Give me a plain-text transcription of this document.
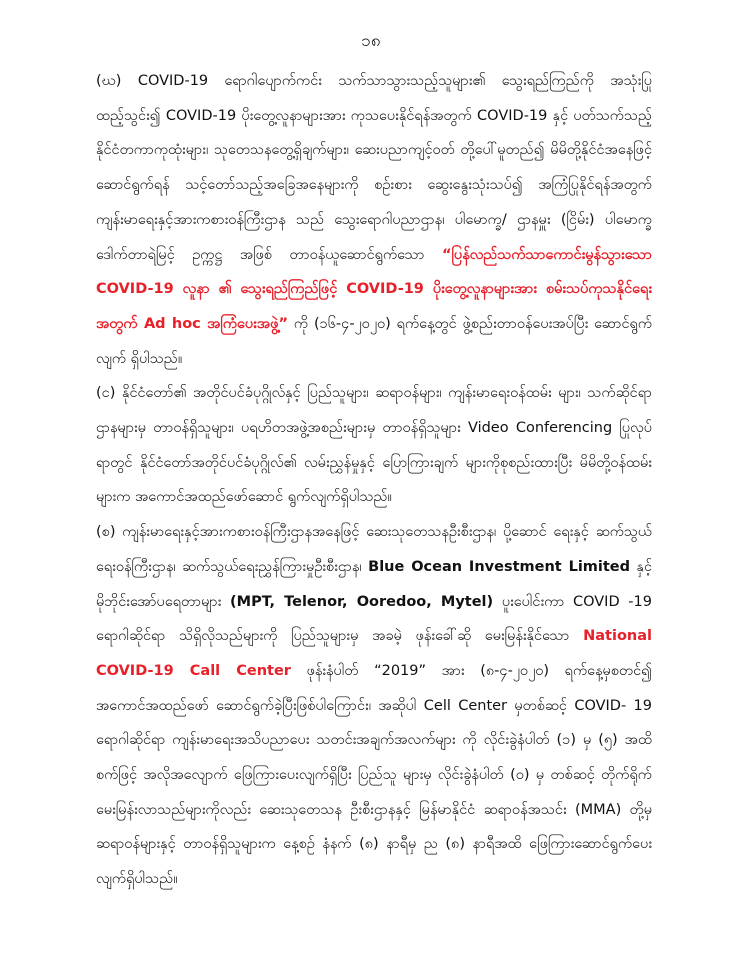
၁၈

(ဃ) COVID-19 ရောဂါပျောက်ကင်း သက်သာသွားသည့်သူများ၏ သွေးရည်ကြည်ကို အသုံးပြု ထည့်သွင်း၍ COVID-19 ပိုးတွေ့လူနာများအား ကုသပေးနိုင်ရန်အတွက် COVID-19 နှင့် ပတ်သက်သည့် နိုင်ငံတကာကုထုံးများ၊ သုတေသနတွေ့ရှိချက်များ၊ ဆေးပညာကျင့်ဝတ် တို့ပေါ်မူတည်၍ မိမိတို့နိုင်ငံအနေဖြင့် ဆောင်ရွက်ရန် သင့်တော်သည့်အခြေအနေများကို စဉ်းစား ဆွေးနွေးသုံးသပ်၍ အကြံပြုနိုင်ရန်အတွက် ကျန်းမာရေးနှင့်အားကစားဝန်ကြီးဌာန သည် သွေးရောဂါပညာဌာန၊ ပါမောက္ခ/ ဌာနမှူး (ငြိမ်း) ပါမောက္ခဒေါက်တာရဲမြင့် ဥက္ကဋ္ဌ အဖြစ် တာဝန်ယူဆောင်ရွက်သော “ပြန်လည်သက်သာကောင်းမွန်သွားသော COVID-19 လူနာ ၏ သွေးရည်ကြည်ဖြင့် COVID-19 ပိုးတွေ့လူနာများအား စမ်းသပ်ကုသနိုင်ရေးအတွက် Ad hoc အကြံပေးအဖွဲ့” ကို (၁၆-၄-၂၀၂၀) ရက်နေ့တွင် ဖွဲ့စည်းတာဝန်ပေးအပ်ပြီး ဆောင်ရွက်လျက် ရှိပါသည်။

(င) နိုင်ငံတော်၏ အတိုင်ပင်ခံပုဂ္ဂိုလ်နှင့် ပြည်သူများ၊ ဆရာဝန်များ၊ ကျန်းမာရေးဝန်ထမ်း များ၊ သက်ဆိုင်ရာဌာနများမှ တာဝန်ရှိသူများ၊ ပရဟိတအဖွဲ့အစည်းများမှ တာဝန်ရှိသူများ Video Conferencing ပြုလုပ်ရာတွင် နိုင်ငံတော်အတိုင်ပင်ခံပုဂ္ဂိုလ်၏ လမ်းညွှန်မှုနှင့် ပြောကြားချက် များကိုစုစည်းထားပြီး မိမိတို့ဝန်ထမ်းများက အကောင်အထည်ဖော်ဆောင် ရွက်လျက်ရှိပါသည်။

(စ) ကျန်းမာရေးနှင့်အားကစားဝန်ကြီးဌာနအနေဖြင့် ဆေးသုတေသနဦးစီးဌာန၊ ပို့ဆောင် ရေးနှင့် ဆက်သွယ်ရေးဝန်ကြီးဌာန၊ ဆက်သွယ်ရေးညွှန်ကြားမှုဦးစီးဌာန၊ Blue Ocean Investment Limited နှင့် မိုဘိုင်းအော်ပရေတာများ (MPT, Telenor, Ooredoo, Mytel) ပူးပေါင်းကာ COVID -19 ရောဂါဆိုင်ရာ သိရှိလိုသည်များကို ပြည်သူများမှ အခမဲ့ ဖုန်းခေါ်ဆို မေးမြန်းနိုင်သော National COVID-19 Call Center ဖုန်းနံပါတ် “2019” အား (၈-၄-၂၀၂၀) ရက်နေ့မှစတင်၍ အကောင်အထည်ဖော် ဆောင်ရွက်ခဲ့ပြီးဖြစ်ပါကြောင်း၊ အဆိုပါ Cell Center မှတစ်ဆင့် COVID- 19 ရောဂါဆိုင်ရာ ကျန်းမာရေးအသိပညာပေး သတင်းအချက်အလက်များ ကို လိုင်းခွဲနံပါတ် (၁) မှ (၅) အထိ စက်ဖြင့် အလိုအလျောက် ဖြေကြားပေးလျက်ရှိပြီး ပြည်သူ များမှ လိုင်းခွဲနံပါတ် (၀) မှ တစ်ဆင့် တိုက်ရိုက်မေးမြန်းလာသည်များကိုလည်း ဆေးသုတေသန ဦးစီးဌာနနှင့် မြန်မာနိုင်ငံ ဆရာဝန်အသင်း (MMA) တို့မှ ဆရာဝန်များနှင့် တာဝန်ရှိသူများက နေ့စဉ် နံနက် (၈) နာရီမှ ည (၈) နာရီအထိ ဖြေကြားဆောင်ရွက်ပေးလျက်ရှိပါသည်။
